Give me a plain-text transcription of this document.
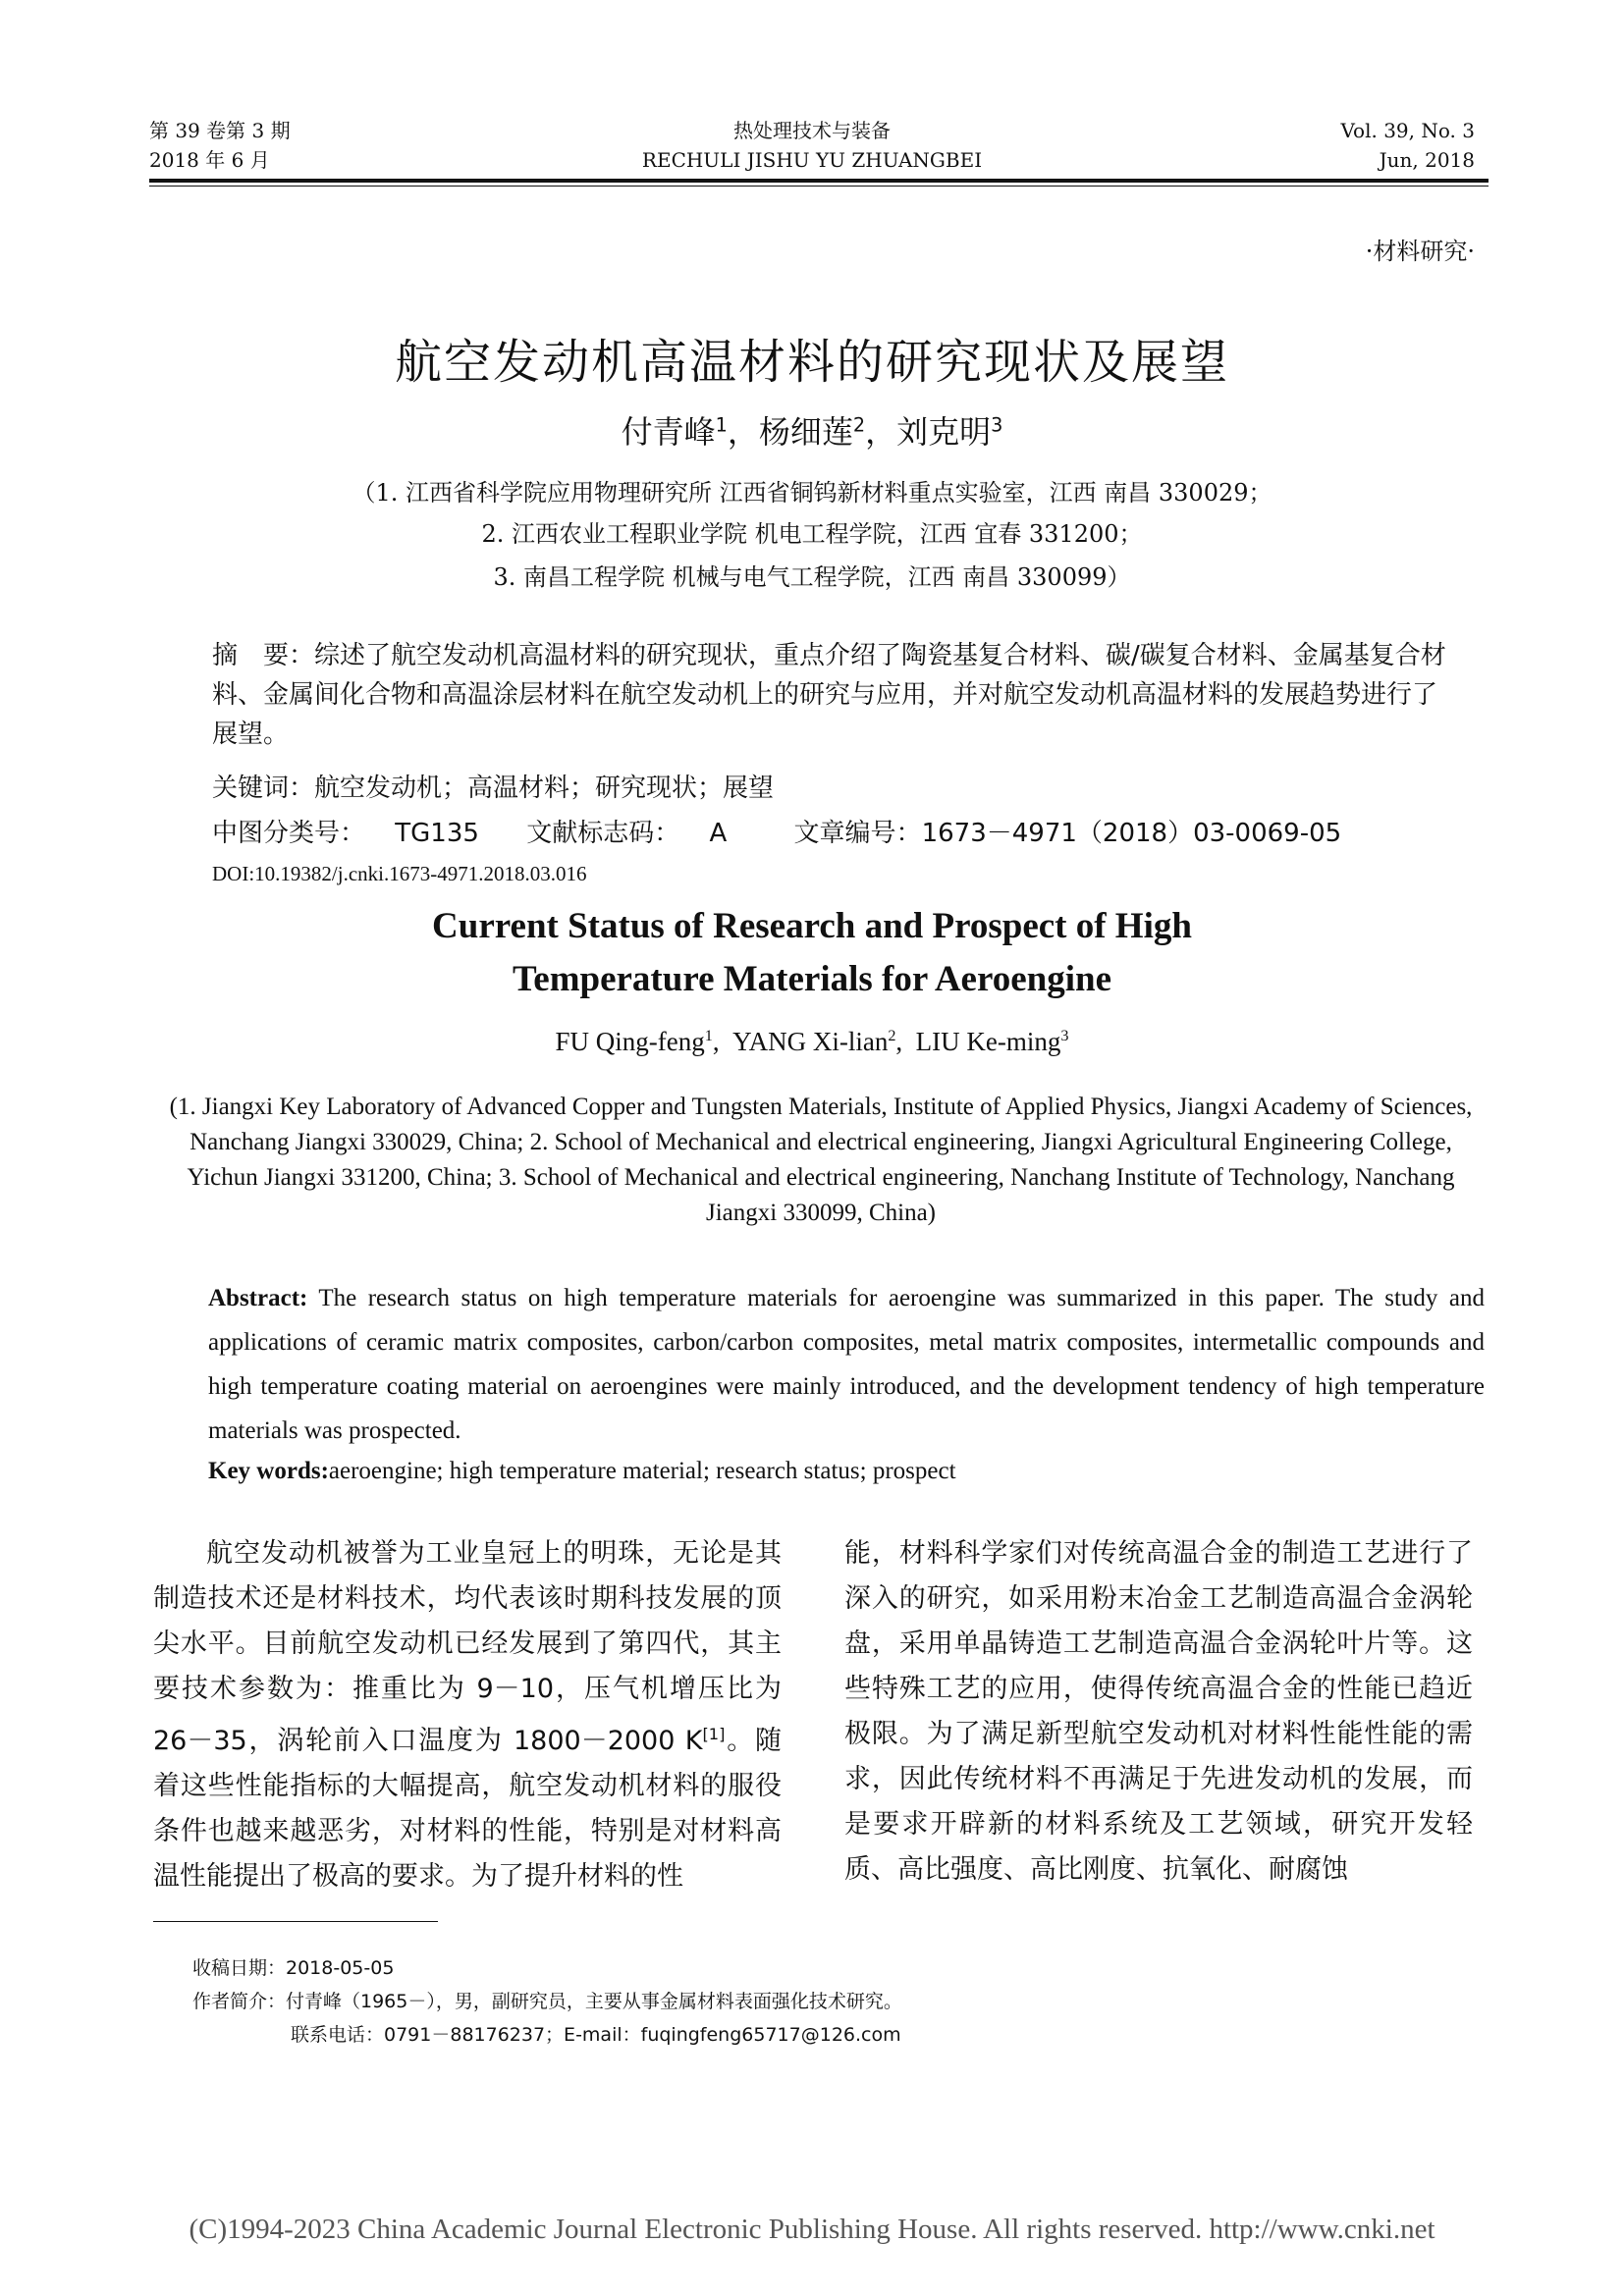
第 39 卷第 3 期
2018 年 6 月
热处理技术与装备
RECHULI JISHU YU ZHUANGBEI
Vol. 39, No. 3
Jun, 2018
·材料研究·
航空发动机高温材料的研究现状及展望
付青峰$^1$，杨细莲$^2$，刘克明$^3$
（1. 江西省科学院应用物理研究所 江西省铜钨新材料重点实验室，江西 南昌 330029；
2. 江西农业工程职业学院 机电工程学院，江西 宜春 331200；
3. 南昌工程学院 机械与电气工程学院，江西 南昌 330099）
摘　要：综述了航空发动机高温材料的研究现状，重点介绍了陶瓷基复合材料、碳/碳复合材料、金属基复合材料、金属间化合物和高温涂层材料在航空发动机上的研究与应用，并对航空发动机高温材料的发展趋势进行了展望。
关键词：航空发动机；高温材料；研究现状；展望
中图分类号： TG135 文献标志码： A	文章编号：1673－4971（2018）03-0069-05
DOI:10.19382/j.cnki.1673-4971.2018.03.016
Current Status of Research and Prospect of High
Temperature Materials for Aeroengine
FU Qing-feng$^1$,  YANG Xi-lian$^2$,  LIU Ke-ming$^3$
(1. Jiangxi Key Laboratory of Advanced Copper and Tungsten Materials, Institute of Applied Physics, Jiangxi Academy of Sciences, Nanchang Jiangxi 330029, China; 2. School of Mechanical and electrical engineering, Jiangxi Agricultural Engineering College, Yichun Jiangxi 331200, China; 3. School of Mechanical and electrical engineering, Nanchang Institute of Technology, Nanchang Jiangxi 330099, China)
Abstract: The research status on high temperature materials for aeroengine was summarized in this paper. The study and applications of ceramic matrix composites, carbon/carbon composites, metal matrix composites, intermetallic compounds and high temperature coating material on aeroengines were mainly introduced, and the development tendency of high temperature materials was prospected.
Key words:aeroengine; high temperature material; research status; prospect
航空发动机被誉为工业皇冠上的明珠，无论是其制造技术还是材料技术，均代表该时期科技发展的顶尖水平。目前航空发动机已经发展到了第四代，其主要技术参数为：推重比为 9－10，压气机增压比为 26－35，涡轮前入口温度为 1800－2000 K[1]。随着这些性能指标的大幅提高，航空发动机材料的服役条件也越来越恶劣，对材料的性能，特别是对材料高温性能提出了极高的要求。为了提升材料的性
能，材料科学家们对传统高温合金的制造工艺进行了深入的研究，如采用粉末冶金工艺制造高温合金涡轮盘，采用单晶铸造工艺制造高温合金涡轮叶片等。这些特殊工艺的应用，使得传统高温合金的性能已趋近极限。为了满足新型航空发动机对材料性能性能的需求，因此传统材料不再满足于先进发动机的发展，而是要求开辟新的材料系统及工艺领域，研究开发轻质、高比强度、高比刚度、抗氧化、耐腐蚀
收稿日期：2018-05-05
作者简介：付青峰（1965－），男，副研究员，主要从事金属材料表面强化技术研究。
联系电话：0791－88176237；E-mail：fuqingfeng65717@126.com
(C)1994-2023 China Academic Journal Electronic Publishing House. All rights reserved. http://www.cnki.net
